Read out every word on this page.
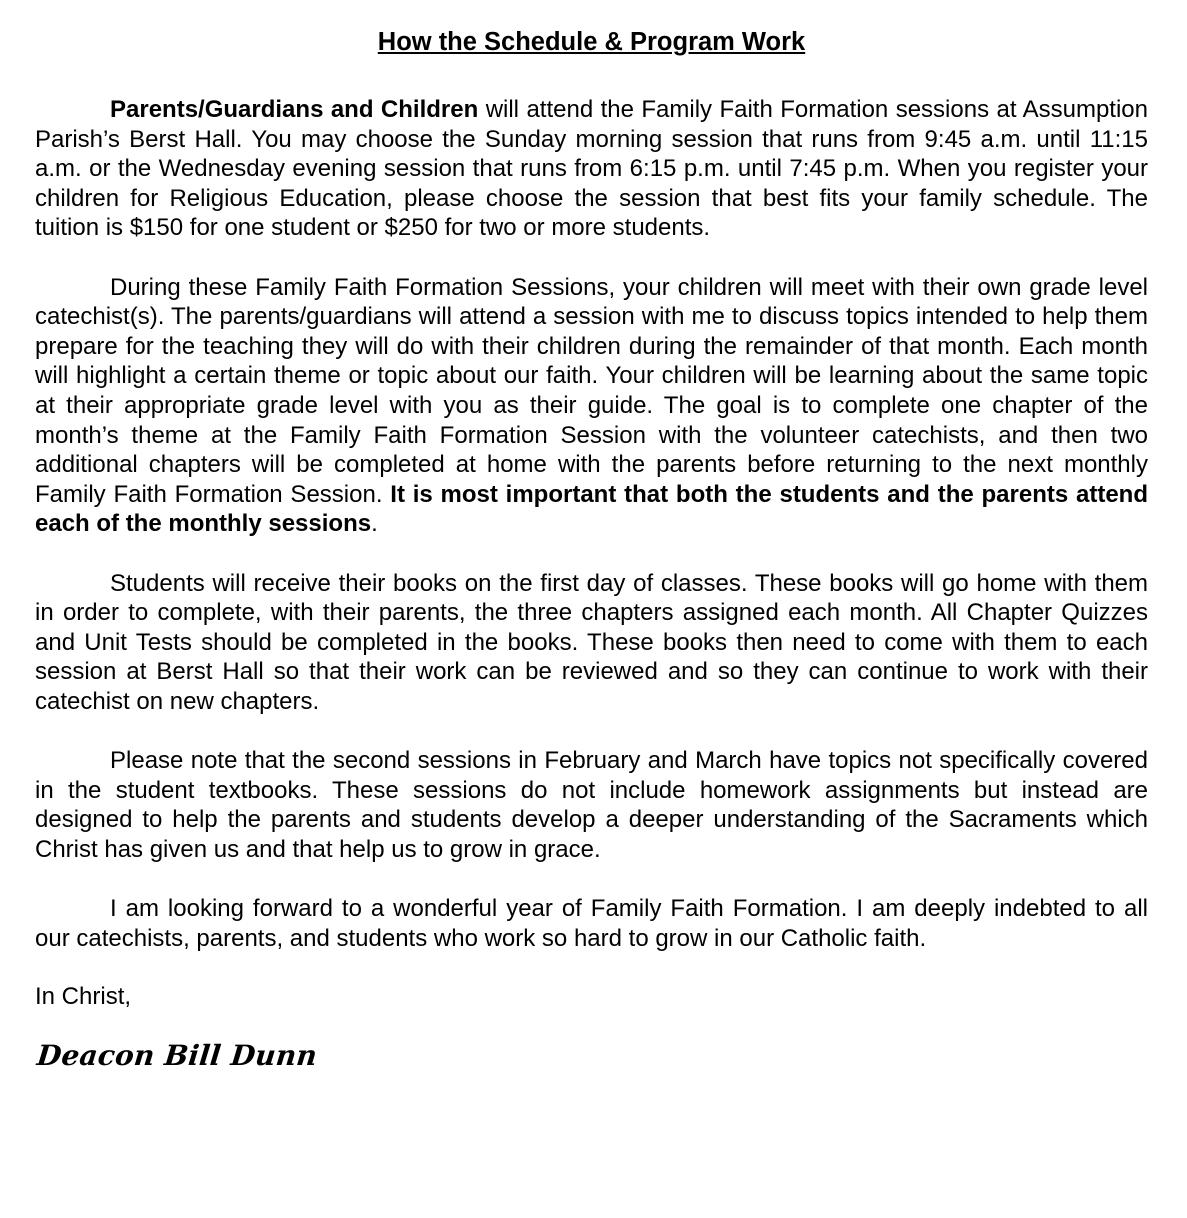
How the Schedule & Program Work

Parents/Guardians and Children will attend the Family Faith Formation sessions at Assumption Parish’s Berst Hall. You may choose the Sunday morning session that runs from 9:45 a.m. until 11:15 a.m. or the Wednesday evening session that runs from 6:15 p.m. until 7:45 p.m. When you register your children for Religious Education, please choose the session that best fits your family schedule. The tuition is $150 for one student or $250 for two or more students.

During these Family Faith Formation Sessions, your children will meet with their own grade level catechist(s). The parents/guardians will attend a session with me to discuss topics intended to help them prepare for the teaching they will do with their children during the remainder of that month. Each month will highlight a certain theme or topic about our faith. Your children will be learning about the same topic at their appropriate grade level with you as their guide. The goal is to complete one chapter of the month’s theme at the Family Faith Formation Session with the volunteer catechists, and then two additional chapters will be completed at home with the parents before returning to the next monthly Family Faith Formation Session. It is most important that both the students and the parents attend each of the monthly sessions.

Students will receive their books on the first day of classes. These books will go home with them in order to complete, with their parents, the three chapters assigned each month. All Chapter Quizzes and Unit Tests should be completed in the books. These books then need to come with them to each session at Berst Hall so that their work can be reviewed and so they can continue to work with their catechist on new chapters.

Please note that the second sessions in February and March have topics not specifically covered in the student textbooks. These sessions do not include homework assignments but instead are designed to help the parents and students develop a deeper understanding of the Sacraments which Christ has given us and that help us to grow in grace.

I am looking forward to a wonderful year of Family Faith Formation. I am deeply indebted to all our catechists, parents, and students who work so hard to grow in our Catholic faith.

In Christ,

Deacon Bill Dunn
